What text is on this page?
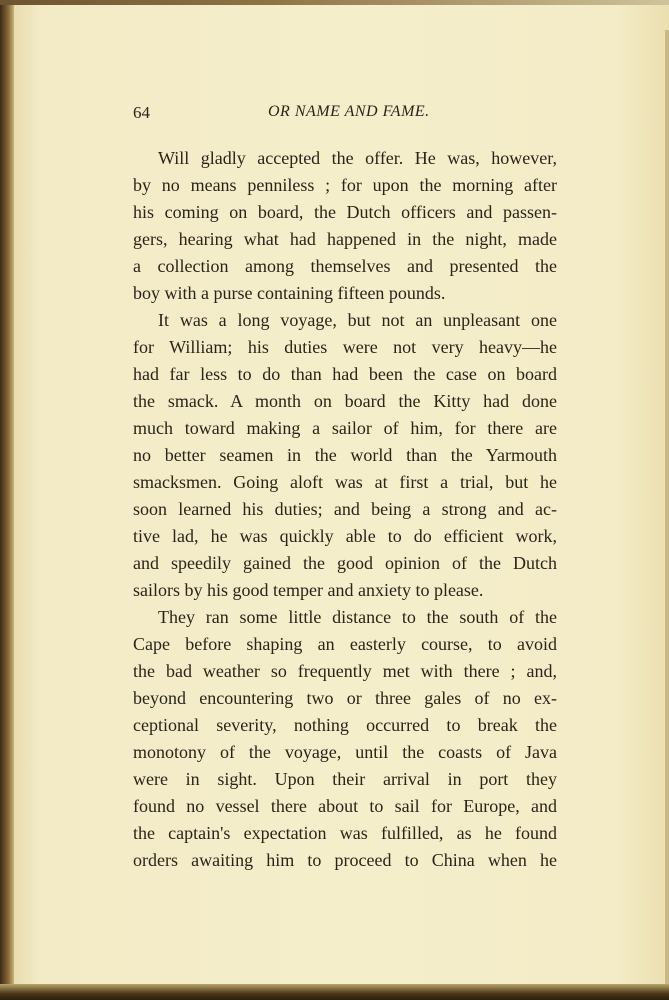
64	OR NAME AND FAME.
Will gladly accepted the offer. He was, however,
by no means penniless ; for upon the morning after
his coming on board, the Dutch officers and passen-
gers, hearing what had happened in the night, made
a collection among themselves and presented the
boy with a purse containing fifteen pounds.
It was a long voyage, but not an unpleasant one
for William; his duties were not very heavy—he
had far less to do than had been the case on board
the smack. A month on board the Kitty had done
much toward making a sailor of him, for there are
no better seamen in the world than the Yarmouth
smacksmen. Going aloft was at first a trial, but he
soon learned his duties; and being a strong and ac-
tive lad, he was quickly able to do efficient work,
and speedily gained the good opinion of the Dutch
sailors by his good temper and anxiety to please.
They ran some little distance to the south of the
Cape before shaping an easterly course, to avoid
the bad weather so frequently met with there ; and,
beyond encountering two or three gales of no ex-
ceptional severity, nothing occurred to break the
monotony of the voyage, until the coasts of Java
were in sight. Upon their arrival in port they
found no vessel there about to sail for Europe, and
the captain's expectation was fulfilled, as he found
orders awaiting him to proceed to China when he
